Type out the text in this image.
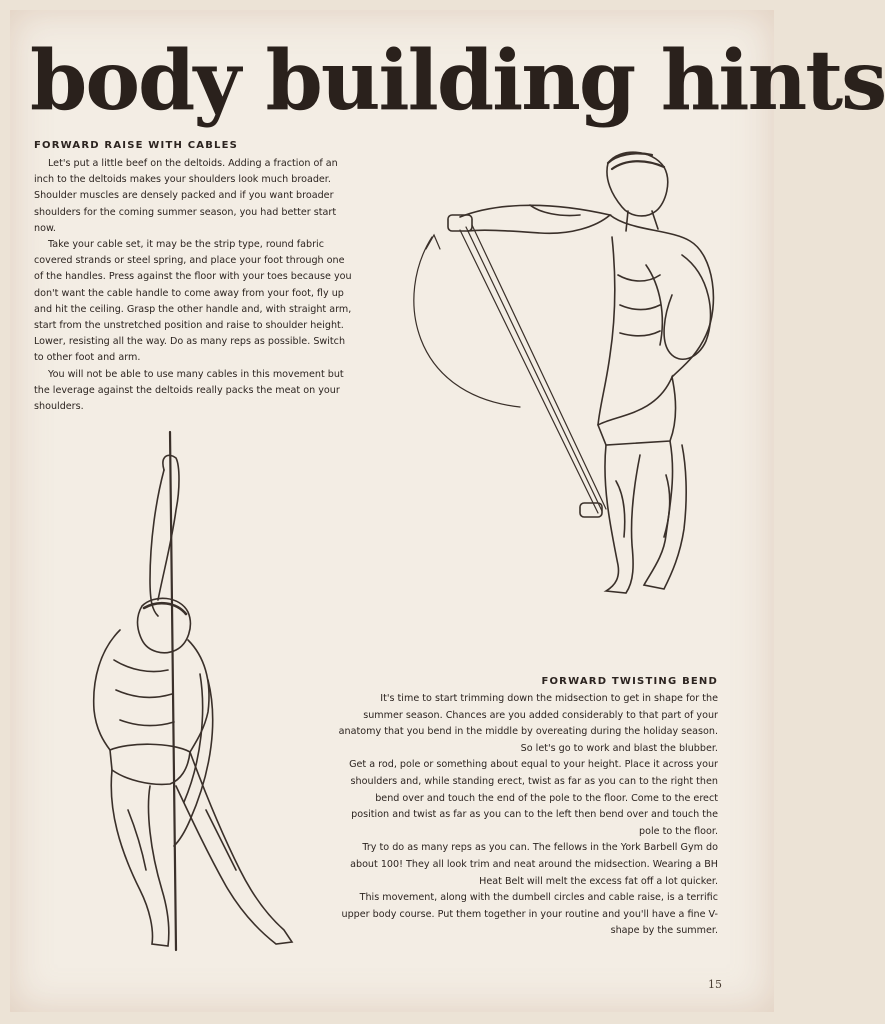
body building hints
FORWARD RAISE WITH CABLES

Let's put a little beef on the deltoids. Adding a fraction of an inch to the deltoids makes your shoulders look much broader. Shoulder muscles are densely packed and if you want broader shoulders for the coming summer season, you had better start now.

Take your cable set, it may be the strip type, round fabric covered strands or steel spring, and place your foot through one of the handles. Press against the floor with your toes because you don't want the cable handle to come away from your foot, fly up and hit the ceiling. Grasp the other handle and, with straight arm, start from the unstretched position and raise to shoulder height. Lower, resisting all the way. Do as many reps as possible. Switch to other foot and arm.

You will not be able to use many cables in this movement but the leverage against the deltoids really packs the meat on your shoulders.

FORWARD TWISTING BEND

It's time to start trimming down the midsection to get in shape for the summer season. Chances are you added considerably to that part of your anatomy that you bend in the middle by overeating during the holiday season. So let's go to work and blast the blubber.

Get a rod, pole or something about equal to your height. Place it across your shoulders and, while standing erect, twist as far as you can to the right then bend over and touch the end of the pole to the floor. Come to the erect position and twist as far as you can to the left then bend over and touch the pole to the floor.

Try to do as many reps as you can. The fellows in the York Barbell Gym do about 100! They all look trim and neat around the midsection. Wearing a BH Heat Belt will melt the excess fat off a lot quicker.

This movement, along with the dumbell circles and cable raise, is a terrific upper body course. Put them together in your routine and you'll have a fine V-shape by the summer.

15
